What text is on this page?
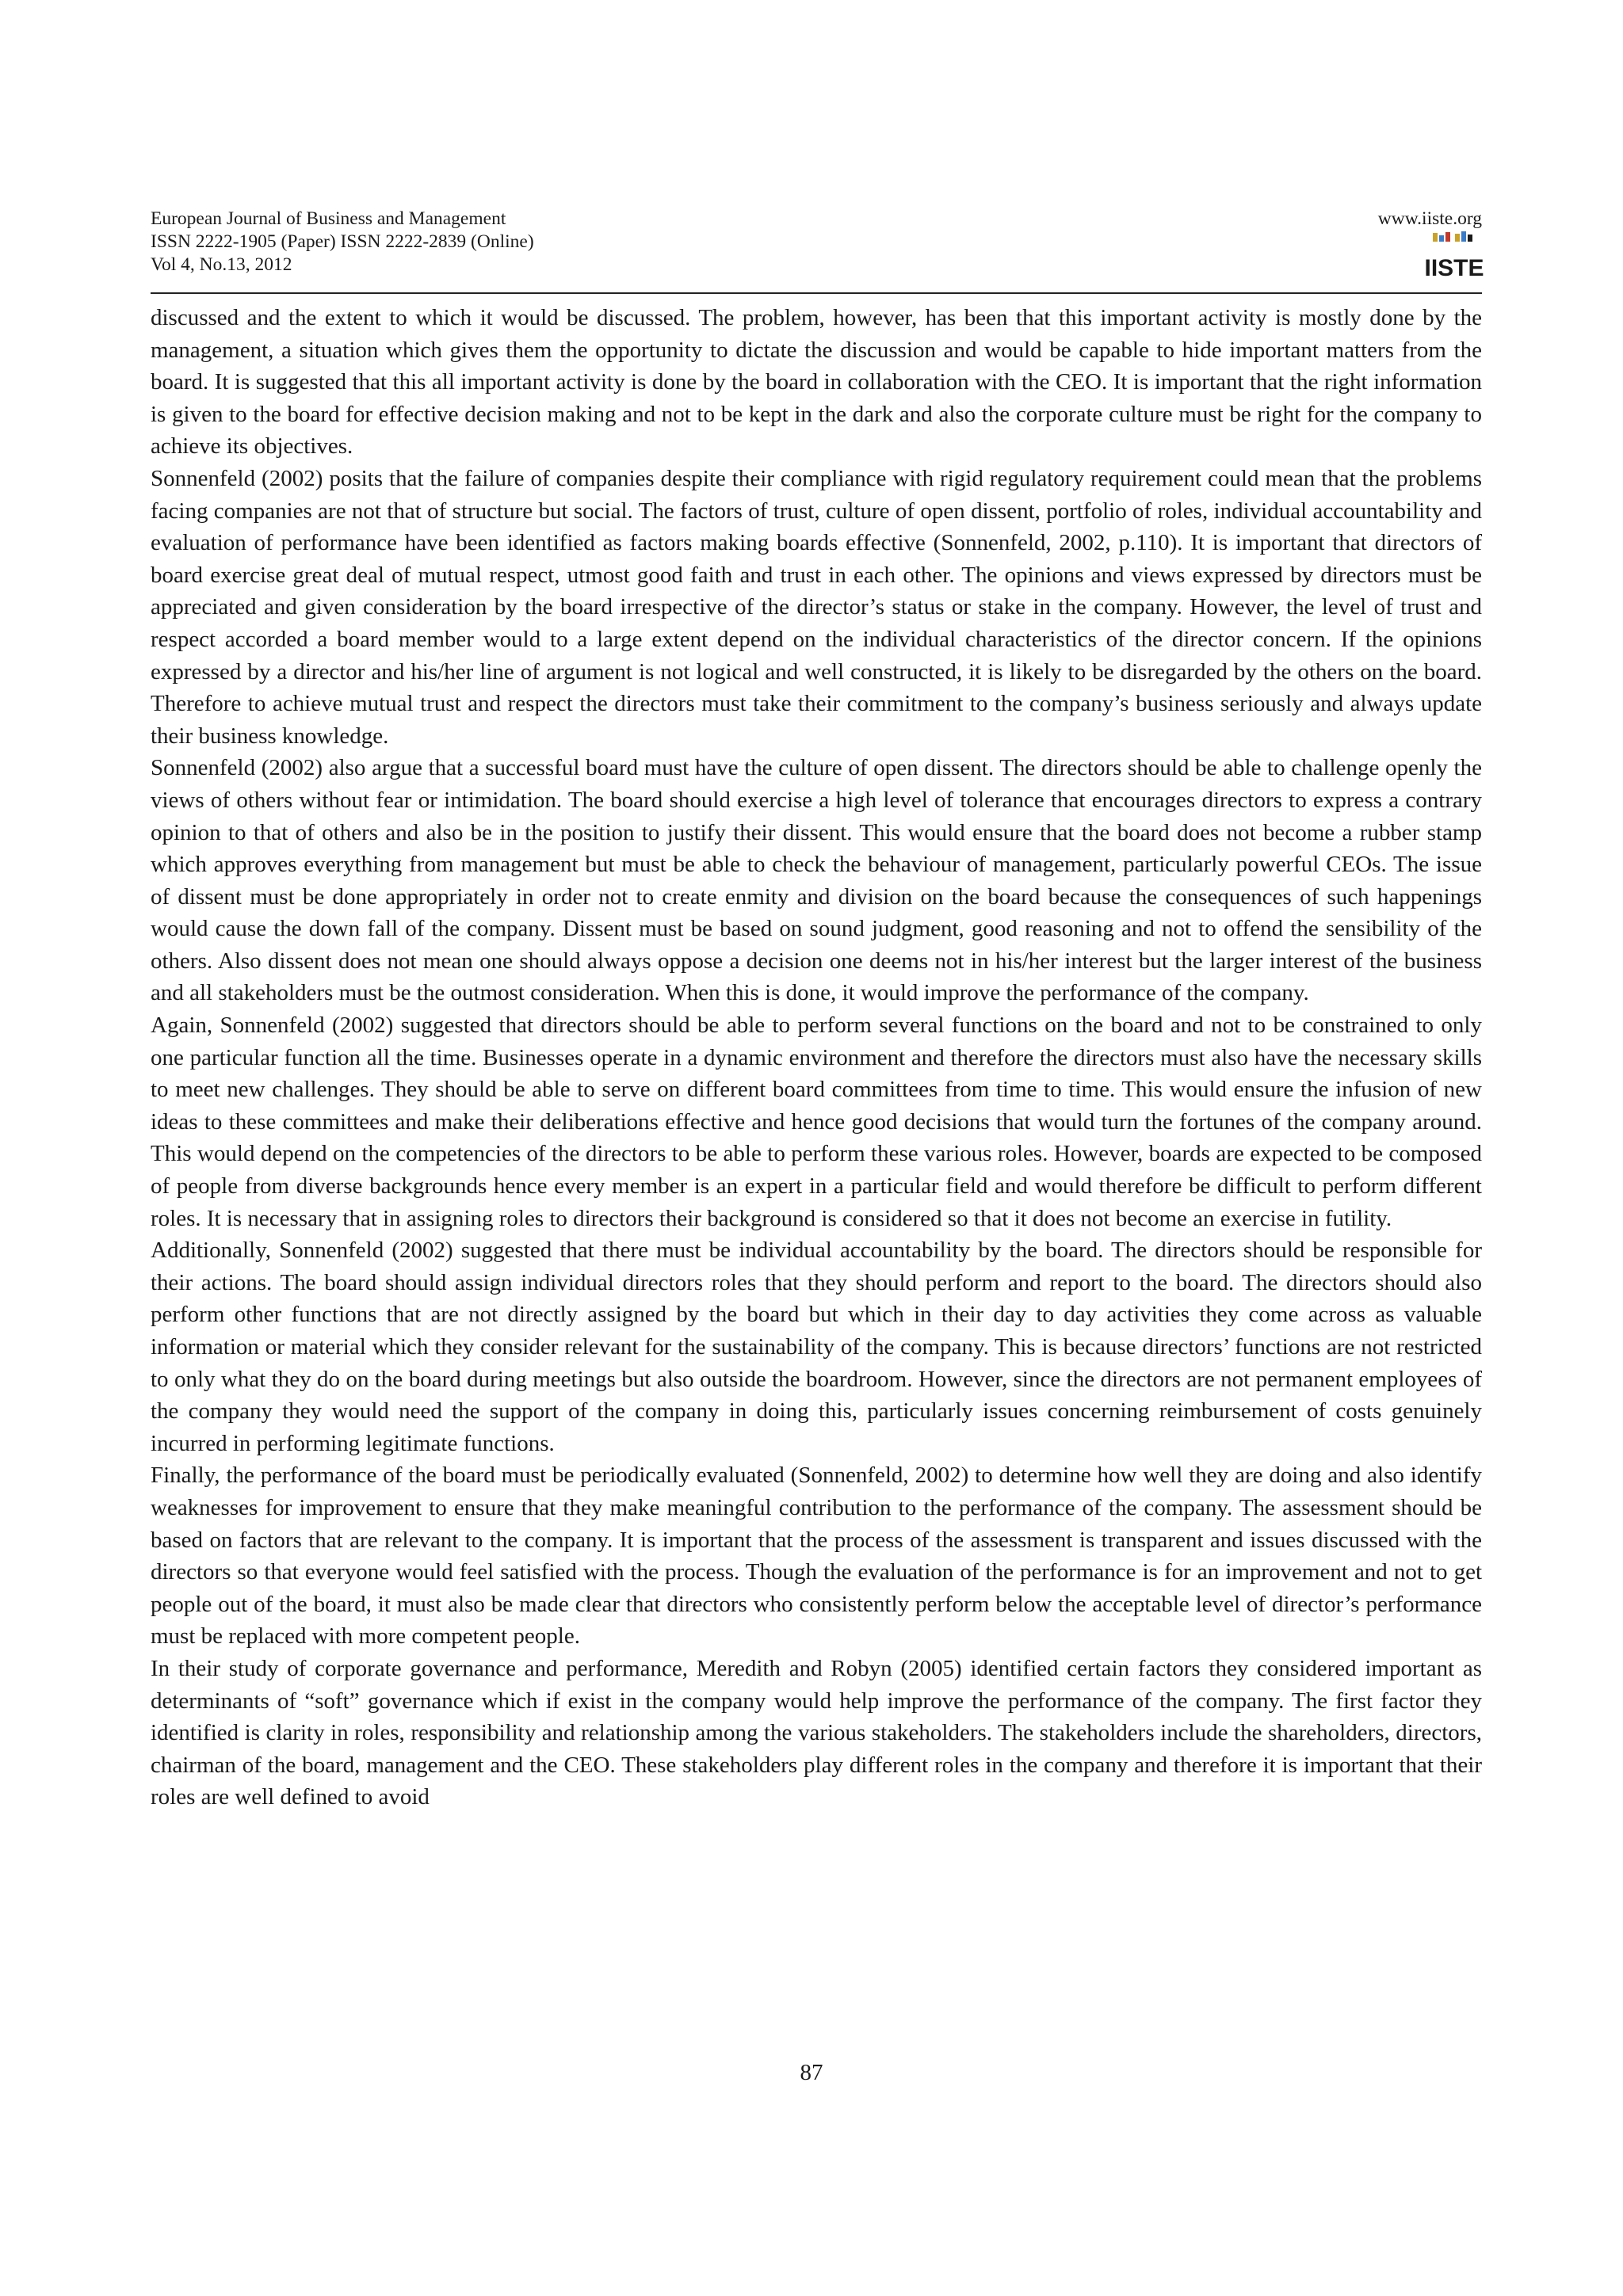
European Journal of Business and Management
ISSN 2222-1905 (Paper) ISSN 2222-2839 (Online)
Vol 4, No.13, 2012
www.iiste.org
IISTE

discussed and the extent to which it would be discussed. The problem, however, has been that this important activity is mostly done by the management, a situation which gives them the opportunity to dictate the discussion and would be capable to hide important matters from the board. It is suggested that this all important activity is done by the board in collaboration with the CEO. It is important that the right information is given to the board for effective decision making and not to be kept in the dark and also the corporate culture must be right for the company to achieve its objectives.

Sonnenfeld (2002) posits that the failure of companies despite their compliance with rigid regulatory requirement could mean that the problems facing companies are not that of structure but social. The factors of trust, culture of open dissent, portfolio of roles, individual accountability and evaluation of performance have been identified as factors making boards effective (Sonnenfeld, 2002, p.110). It is important that directors of board exercise great deal of mutual respect, utmost good faith and trust in each other. The opinions and views expressed by directors must be appreciated and given consideration by the board irrespective of the director’s status or stake in the company. However, the level of trust and respect accorded a board member would to a large extent depend on the individual characteristics of the director concern. If the opinions expressed by a director and his/her line of argument is not logical and well constructed, it is likely to be disregarded by the others on the board. Therefore to achieve mutual trust and respect the directors must take their commitment to the company’s business seriously and always update their business knowledge.

Sonnenfeld (2002) also argue that a successful board must have the culture of open dissent. The directors should be able to challenge openly the views of others without fear or intimidation. The board should exercise a high level of tolerance that encourages directors to express a contrary opinion to that of others and also be in the position to justify their dissent. This would ensure that the board does not become a rubber stamp which approves everything from management but must be able to check the behaviour of management, particularly powerful CEOs. The issue of dissent must be done appropriately in order not to create enmity and division on the board because the consequences of such happenings would cause the down fall of the company. Dissent must be based on sound judgment, good reasoning and not to offend the sensibility of the others. Also dissent does not mean one should always oppose a decision one deems not in his/her interest but the larger interest of the business and all stakeholders must be the outmost consideration. When this is done, it would improve the performance of the company.

Again, Sonnenfeld (2002) suggested that directors should be able to perform several functions on the board and not to be constrained to only one particular function all the time. Businesses operate in a dynamic environment and therefore the directors must also have the necessary skills to meet new challenges. They should be able to serve on different board committees from time to time. This would ensure the infusion of new ideas to these committees and make their deliberations effective and hence good decisions that would turn the fortunes of the company around. This would depend on the competencies of the directors to be able to perform these various roles. However, boards are expected to be composed of people from diverse backgrounds hence every member is an expert in a particular field and would therefore be difficult to perform different roles. It is necessary that in assigning roles to directors their background is considered so that it does not become an exercise in futility.

Additionally, Sonnenfeld (2002) suggested that there must be individual accountability by the board. The directors should be responsible for their actions. The board should assign individual directors roles that they should perform and report to the board. The directors should also perform other functions that are not directly assigned by the board but which in their day to day activities they come across as valuable information or material which they consider relevant for the sustainability of the company. This is because directors’ functions are not restricted to only what they do on the board during meetings but also outside the boardroom. However, since the directors are not permanent employees of the company they would need the support of the company in doing this, particularly issues concerning reimbursement of costs genuinely incurred in performing legitimate functions.

Finally, the performance of the board must be periodically evaluated (Sonnenfeld, 2002) to determine how well they are doing and also identify weaknesses for improvement to ensure that they make meaningful contribution to the performance of the company. The assessment should be based on factors that are relevant to the company. It is important that the process of the assessment is transparent and issues discussed with the directors so that everyone would feel satisfied with the process. Though the evaluation of the performance is for an improvement and not to get people out of the board, it must also be made clear that directors who consistently perform below the acceptable level of director’s performance must be replaced with more competent people.

In their study of corporate governance and performance, Meredith and Robyn (2005) identified certain factors they considered important as determinants of “soft” governance which if exist in the company would help improve the performance of the company. The first factor they identified is clarity in roles, responsibility and relationship among the various stakeholders. The stakeholders include the shareholders, directors, chairman of the board, management and the CEO. These stakeholders play different roles in the company and therefore it is important that their roles are well defined to avoid

87
